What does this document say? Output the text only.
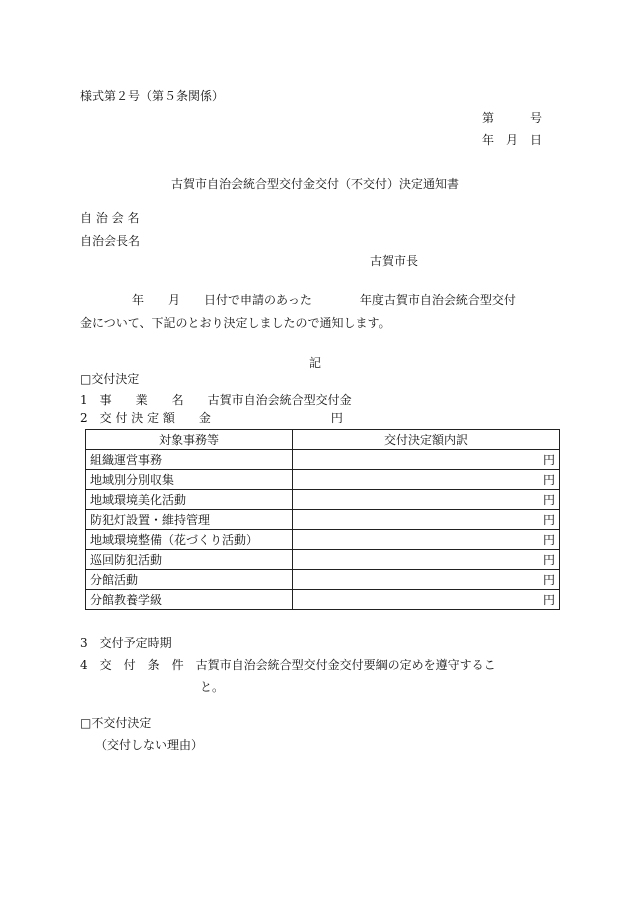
様式第２号（第５条関係）
第　　　号
年　月　日
古賀市自治会統合型交付金交付（不交付）決定通知書
自 治 会 名
自治会長名
古賀市長
年　　月　　日付で申請のあった　　　　年度古賀市自治会統合型交付
金について、下記のとおり決定しましたので通知します。
記
□交付決定
1　事　　業　　名　　古賀市自治会統合型交付金
2　交 付 決 定 額　　金　　　　　　　　　　円
対象事務等	交付決定額内訳
組織運営事務	円
地域別分別収集	円
地域環境美化活動	円
防犯灯設置・維持管理	円
地域環境整備（花づくり活動）	円
巡回防犯活動	円
分館活動	円
分館教養学級	円
3　交付予定時期
4　交　付　条　件　古賀市自治会統合型交付金交付要綱の定めを遵守するこ
と。
□不交付決定
（交付しない理由）
